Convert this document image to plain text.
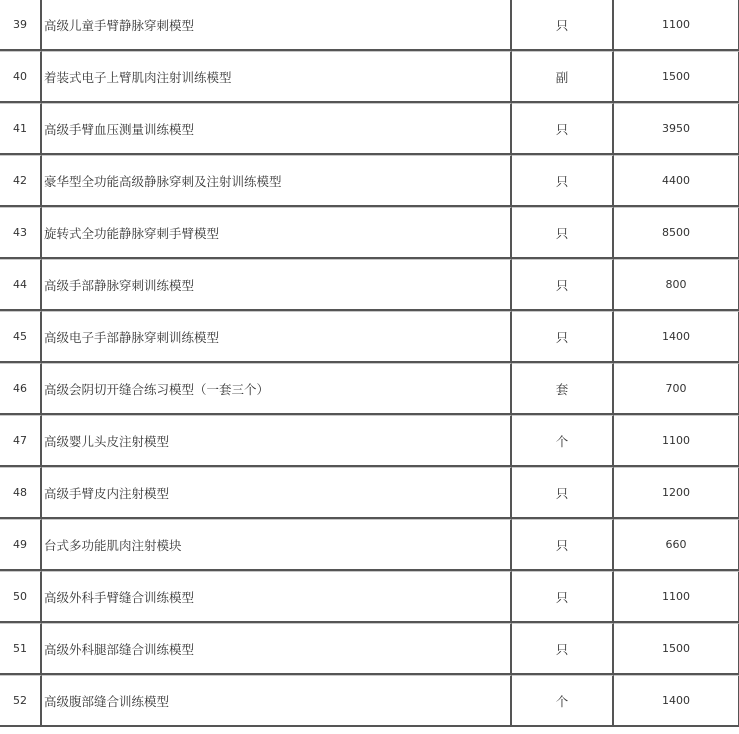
39	高级儿童手臂静脉穿刺模型	只	1100
40	着装式电子上臂肌肉注射训练模型	副	1500
41	高级手臂血压测量训练模型	只	3950
42	豪华型全功能高级静脉穿刺及注射训练模型	只	4400
43	旋转式全功能静脉穿刺手臂模型	只	8500
44	高级手部静脉穿刺训练模型	只	800
45	高级电子手部静脉穿刺训练模型	只	1400
46	高级会阴切开缝合练习模型（一套三个）	套	700
47	高级婴儿头皮注射模型	个	1100
48	高级手臂皮内注射模型	只	1200
49	台式多功能肌肉注射模块	只	660
50	高级外科手臂缝合训练模型	只	1100
51	高级外科腿部缝合训练模型	只	1500
52	高级腹部缝合训练模型	个	1400
